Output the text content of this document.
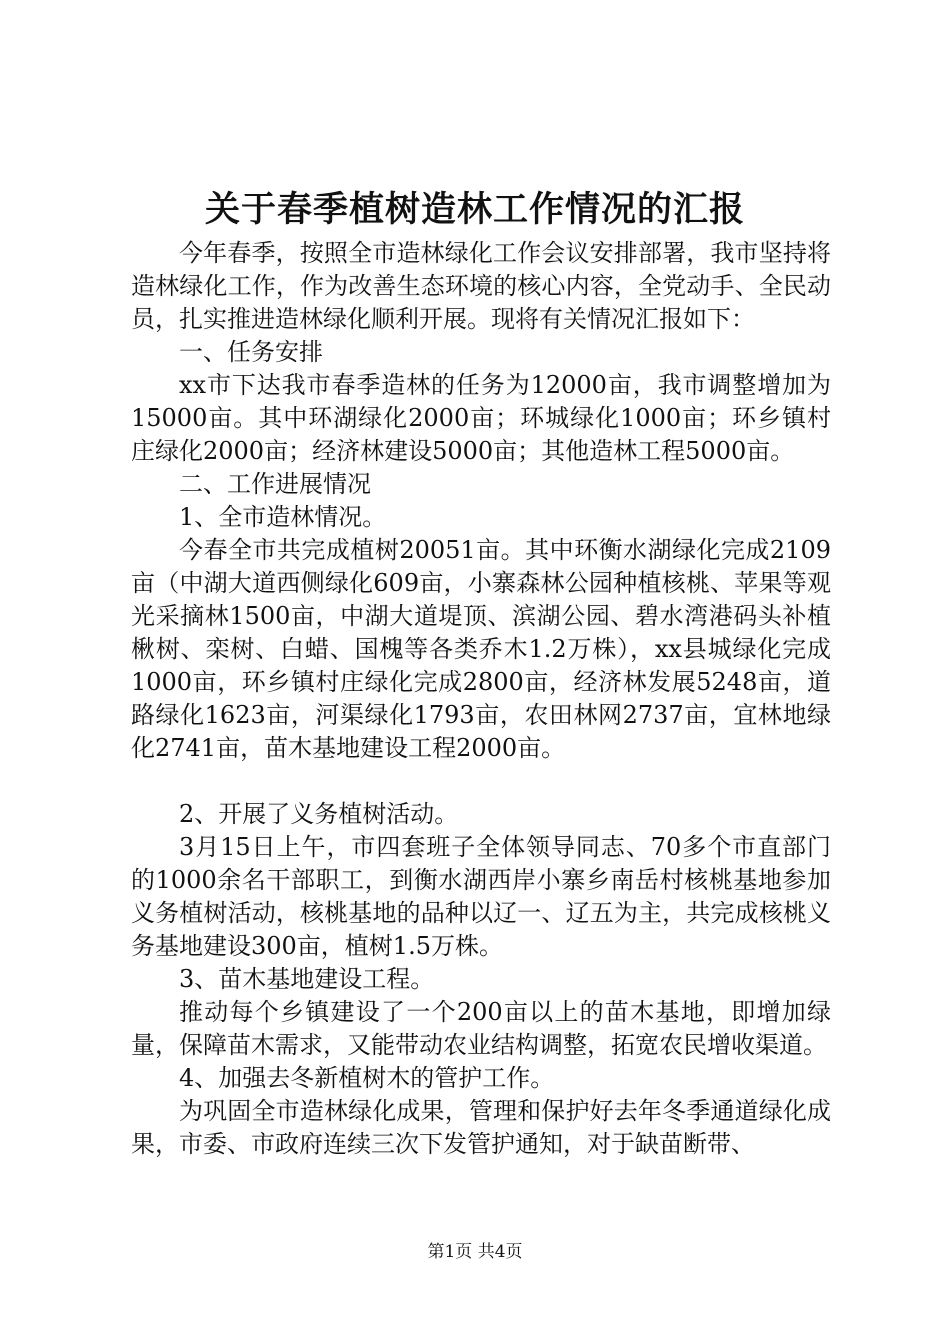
关于春季植树造林工作情况的汇报

今年春季，按照全市造林绿化工作会议安排部署，我市坚持将造林绿化工作，作为改善生态环境的核心内容，全党动手、全民动员，扎实推进造林绿化顺利开展。现将有关情况汇报如下：

一、任务安排

xx市下达我市春季造林的任务为12000亩，我市调整增加为15000亩。其中环湖绿化2000亩；环城绿化1000亩；环乡镇村庄绿化2000亩；经济林建设5000亩；其他造林工程5000亩。

二、工作进展情况

1、全市造林情况。

今春全市共完成植树20051亩。其中环衡水湖绿化完成2109亩（中湖大道西侧绿化609亩，小寨森林公园种植核桃、苹果等观光采摘林1500亩，中湖大道堤顶、滨湖公园、碧水湾港码头补植楸树、栾树、白蜡、国槐等各类乔木1.2万株），xx县城绿化完成1000亩，环乡镇村庄绿化完成2800亩，经济林发展5248亩，道路绿化1623亩，河渠绿化1793亩，农田林网2737亩，宜林地绿化2741亩，苗木基地建设工程2000亩。

2、开展了义务植树活动。

3月15日上午，市四套班子全体领导同志、70多个市直部门的1000余名干部职工，到衡水湖西岸小寨乡南岳村核桃基地参加义务植树活动，核桃基地的品种以辽一、辽五为主，共完成核桃义务基地建设300亩，植树1.5万株。

3、苗木基地建设工程。

推动每个乡镇建设了一个200亩以上的苗木基地，即增加绿量，保障苗木需求，又能带动农业结构调整，拓宽农民增收渠道。

4、加强去冬新植树木的管护工作。

为巩固全市造林绿化成果，管理和保护好去年冬季通道绿化成果，市委、市政府连续三次下发管护通知，对于缺苗断带、

第1页 共4页
